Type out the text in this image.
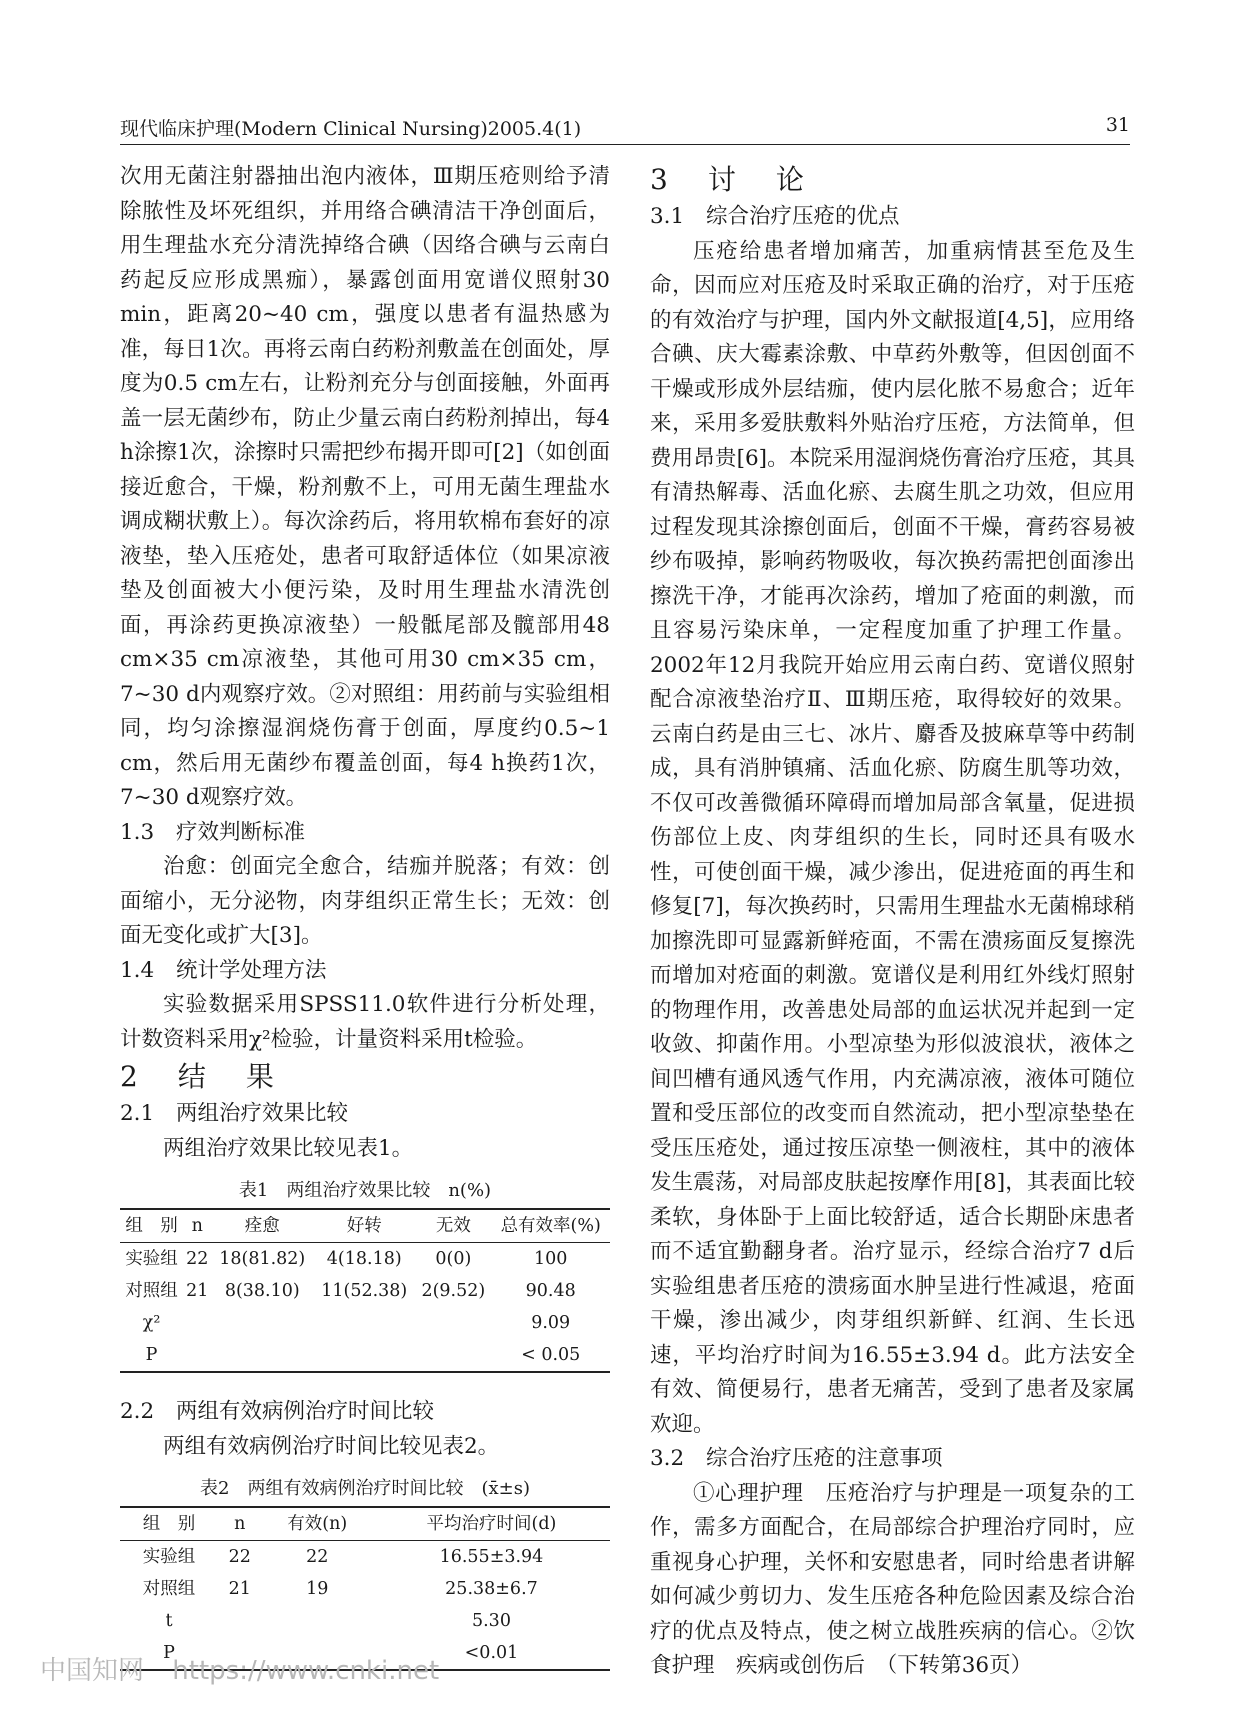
现代临床护理(Modern Clinical Nursing)2005.4(1)	31

次用无菌注射器抽出泡内液体，Ⅲ期压疮则给予清除脓性及坏死组织，并用络合碘清洁干净创面后，用生理盐水充分清洗掉络合碘（因络合碘与云南白药起反应形成黑痂），暴露创面用宽谱仪照射30 min，距离20~40 cm，强度以患者有温热感为准，每日1次。再将云南白药粉剂敷盖在创面处，厚度为0.5 cm左右，让粉剂充分与创面接触，外面再盖一层无菌纱布，防止少量云南白药粉剂掉出，每4 h涂擦1次，涂擦时只需把纱布揭开即可[2]（如创面接近愈合，干燥，粉剂敷不上，可用无菌生理盐水调成糊状敷上）。每次涂药后，将用软棉布套好的凉液垫，垫入压疮处，患者可取舒适体位（如果凉液垫及创面被大小便污染，及时用生理盐水清洗创面，再涂药更换凉液垫）一般骶尾部及髋部用48 cm×35 cm凉液垫，其他可用30 cm×35 cm，7~30 d内观察疗效。②对照组：用药前与实验组相同，均匀涂擦湿润烧伤膏于创面，厚度约0.5~1 cm，然后用无菌纱布覆盖创面，每4 h换药1次，7~30 d观察疗效。

1.3 疗效判断标准

治愈：创面完全愈合，结痂并脱落；有效：创面缩小，无分泌物，肉芽组织正常生长；无效：创面无变化或扩大[3]。

1.4 统计学处理方法

实验数据采用SPSS11.0软件进行分析处理，计数资料采用χ²检验，计量资料采用t检验。

2　结　果

2.1 两组治疗效果比较

两组治疗效果比较见表1。

表1　两组治疗效果比较　n(%)
组　别	n	痊愈	好转	无效	总有效率(%)
实验组	22	18(81.82)	4(18.18)	0(0)	100
对照组	21	8(38.10)	11(52.38)	2(9.52)	90.48
χ²					9.09
P					< 0.05

2.2 两组有效病例治疗时间比较

两组有效病例治疗时间比较见表2。

表2　两组有效病例治疗时间比较　(x̄±s)
组　别	n	有效(n)	平均治疗时间(d)
实验组	22	22	16.55±3.94
对照组	21	19	25.38±6.7
t			5.30
P			<0.01

3　讨　论

3.1 综合治疗压疮的优点

压疮给患者增加痛苦，加重病情甚至危及生命，因而应对压疮及时采取正确的治疗，对于压疮的有效治疗与护理，国内外文献报道[4,5]，应用络合碘、庆大霉素涂敷、中草药外敷等，但因创面不干燥或形成外层结痂，使内层化脓不易愈合；近年来，采用多爱肤敷料外贴治疗压疮，方法简单，但费用昂贵[6]。本院采用湿润烧伤膏治疗压疮，其具有清热解毒、活血化瘀、去腐生肌之功效，但应用过程发现其涂擦创面后，创面不干燥，膏药容易被纱布吸掉，影响药物吸收，每次换药需把创面渗出擦洗干净，才能再次涂药，增加了疮面的刺激，而且容易污染床单，一定程度加重了护理工作量。2002年12月我院开始应用云南白药、宽谱仪照射配合凉液垫治疗Ⅱ、Ⅲ期压疮，取得较好的效果。云南白药是由三七、冰片、麝香及披麻草等中药制成，具有消肿镇痛、活血化瘀、防腐生肌等功效，不仅可改善微循环障碍而增加局部含氧量，促进损伤部位上皮、肉芽组织的生长，同时还具有吸水性，可使创面干燥，减少渗出，促进疮面的再生和修复[7]，每次换药时，只需用生理盐水无菌棉球稍加擦洗即可显露新鲜疮面，不需在溃疡面反复擦洗而增加对疮面的刺激。宽谱仪是利用红外线灯照射的物理作用，改善患处局部的血运状况并起到一定收敛、抑菌作用。小型凉垫为形似波浪状，液体之间凹槽有通风透气作用，内充满凉液，液体可随位置和受压部位的改变而自然流动，把小型凉垫垫在受压压疮处，通过按压凉垫一侧液柱，其中的液体发生震荡，对局部皮肤起按摩作用[8]，其表面比较柔软，身体卧于上面比较舒适，适合长期卧床患者而不适宜勤翻身者。治疗显示，经综合治疗7 d后实验组患者压疮的溃疡面水肿呈进行性减退，疮面干燥，渗出减少，肉芽组织新鲜、红润、生长迅速，平均治疗时间为16.55±3.94 d。此方法安全有效、简便易行，患者无痛苦，受到了患者及家属欢迎。

3.2 综合治疗压疮的注意事项

①心理护理　压疮治疗与护理是一项复杂的工作，需多方面配合，在局部综合护理治疗同时，应重视身心护理，关怀和安慰患者，同时给患者讲解如何减少剪切力、发生压疮各种危险因素及综合治疗的优点及特点，使之树立战胜疾病的信心。②饮食护理　疾病或创伤后　（下转第36页）

中国知网 https://www.cnki.net
